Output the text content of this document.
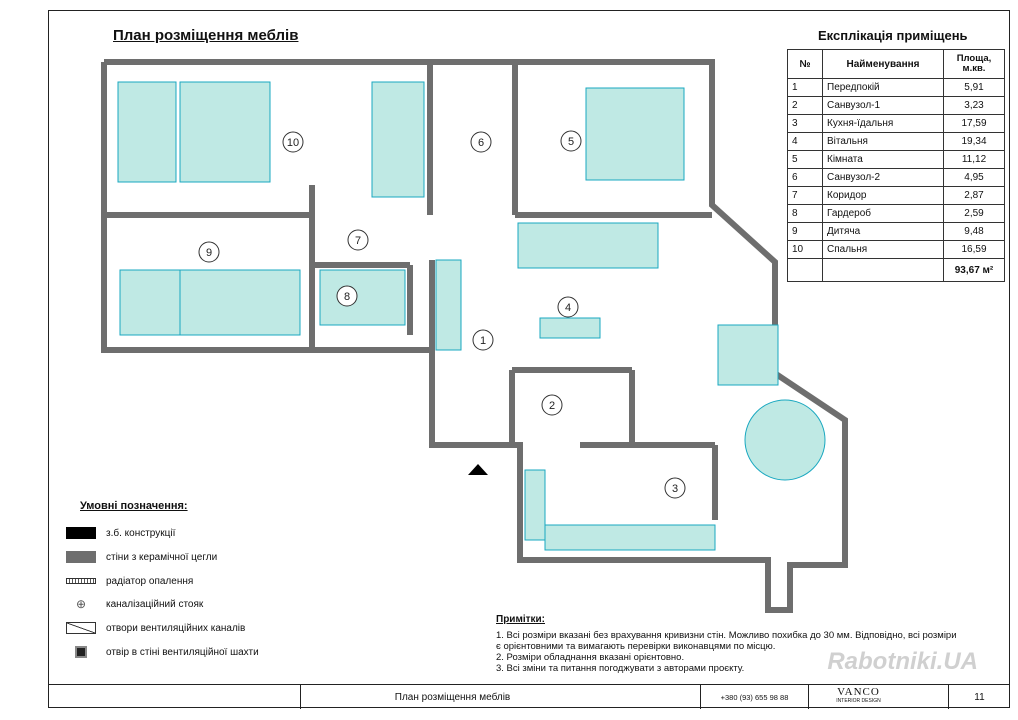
План розміщення меблів	Експлікація приміщень
№	Найменування	Площа, м.кв.
1	Передпокій	5,91
2	Санвузол-1	3,23
3	Кухня-їдальня	17,59
4	Вітальня	19,34
5	Кімната	11,12
6	Санвузол-2	4,95
7	Коридор	2,87
8	Гардероб	2,59
9	Дитяча	9,48
10	Спальня	16,59
		93,67 м²
1
2
3
4
5
6
7
8
9
10
Умовні позначення:
з.б. конструкції
стіни з керамічної цегли
радіатор опалення
⊕	каналізаційний стояк
отвори вентиляційних каналів
отвір в стіні вентиляційної шахти
Примітки:
1. Всі розміри вказані без врахування кривизни стін. Можливо похибка до 30 мм. Відповідно, всі розміри
є орієнтовними та вимагають перевірки виконавцями по місцю.
2. Розміри обладнання вказані орієнтовно.
3. Всі зміни та питання погоджувати з авторами проєкту.	Rabotniki.UA
План розміщення меблів	+380 (93) 655 98 88	VANCO
INTERIOR DESIGN	11
